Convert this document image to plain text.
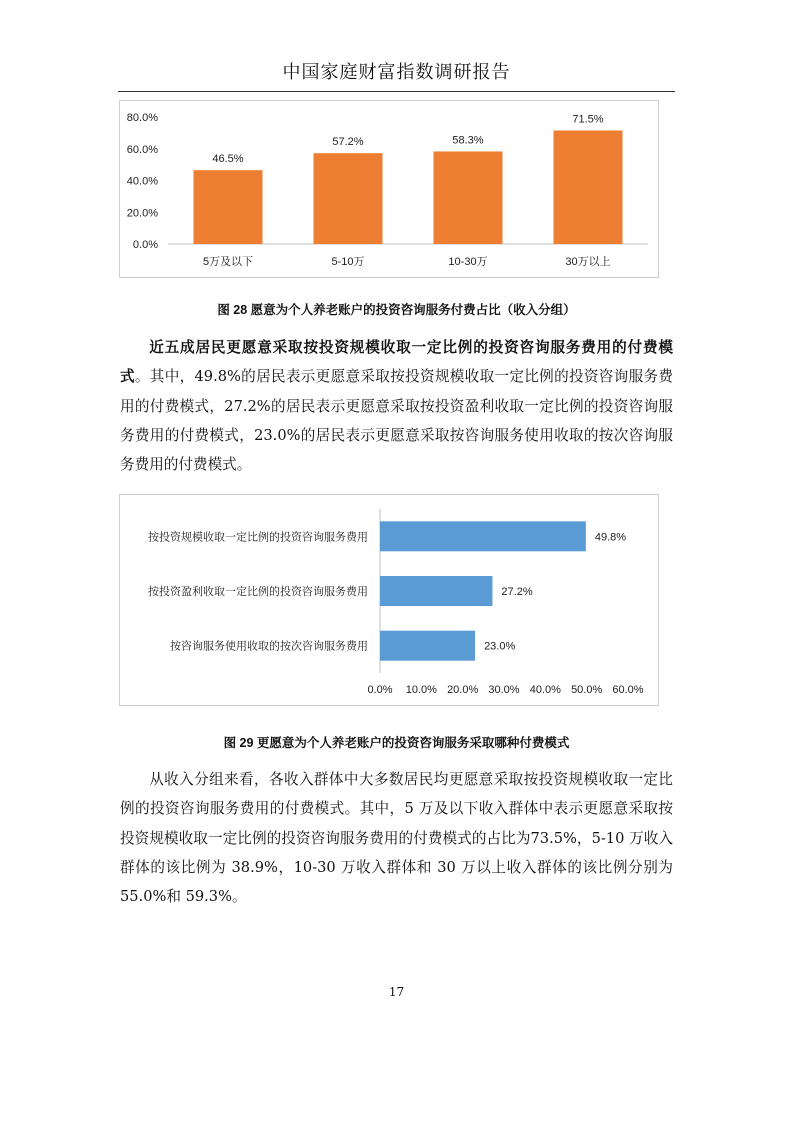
中国家庭财富指数调研报告
0.0%
20.0%
40.0%
60.0%
80.0%
46.5%
5万及以下
57.2%
5-10万
58.3%
10-30万
71.5%
30万以上
图 28 愿意为个人养老账户的投资咨询服务付费占比（收入分组）

近五成居民更愿意采取按投资规模收取一定比例的投资咨询服务费用的付费模式。其中，49.8%的居民表示更愿意采取按投资规模收取一定比例的投资咨询服务费用的付费模式，27.2%的居民表示更愿意采取按投资盈利收取一定比例的投资咨询服务费用的付费模式，23.0%的居民表示更愿意采取按咨询服务使用收取的按次咨询服务费用的付费模式。

49.8%
按投资规模收取一定比例的投资咨询服务费用
27.2%
按投资盈利收取一定比例的投资咨询服务费用
23.0%
按咨询服务使用收取的按次咨询服务费用
0.0% 10.0% 20.0% 30.0% 40.0% 50.0% 60.0%
图 29 更愿意为个人养老账户的投资咨询服务采取哪种付费模式

从收入分组来看，各收入群体中大多数居民均更愿意采取按投资规模收取一定比例的投资咨询服务费用的付费模式。其中，5 万及以下收入群体中表示更愿意采取按投资规模收取一定比例的投资咨询服务费用的付费模式的占比为73.5%，5-10 万收入群体的该比例为 38.9%，10-30 万收入群体和 30 万以上收入群体的该比例分别为 55.0%和 59.3%。

17
